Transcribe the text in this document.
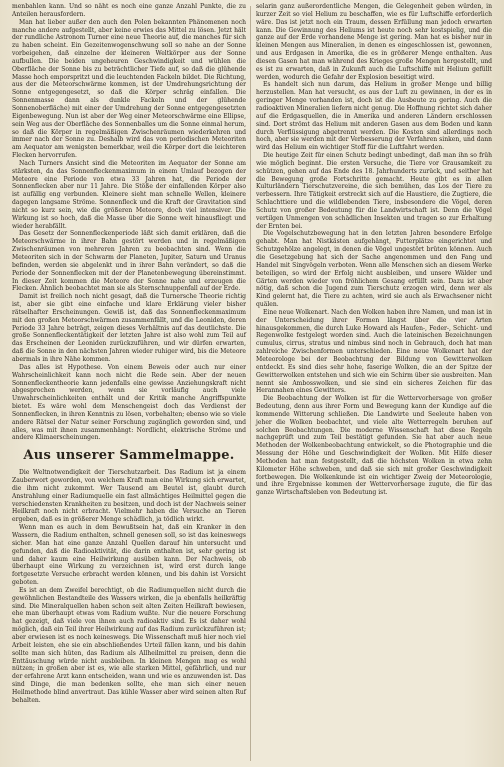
menbahlen kann. Und so näht es noch eine ganze Anzahl Punkte, die zu Anteilen herausfordern.

Man hat lieber außer den auch den Polen bekannten Phänomenen noch manche andere aufgestellt, aber keine erwies das Mittel zu lösen. Jetzt hält der rundliche Astronom Turner eine neue Theorie auf, die manches für sich zu haben scheint. Ein Gezeitenwogenschwung soll so nahe an der Sonne vorbeigehen, daß einzelne der kleineren Weltkörper aus der Sonne aufbullen. Die beiden ungeheuren Geschwindigkeit und wühlen die Oberfläche der Sonne bis zu beträchtlicher Tiefe auf, so daß die glühende Masse hoch emporspritzt und die leuchtenden Fackeln bildet. Die Richtung, aus der die Meteorschwärme kommen, ist der Umdrehungsrichtung der Sonne entgegengesetzt, so daß die Körper schräg einfallen. Die Sonnenmasse dann als dunkle Fackeln und der glühende Sonnenoberfläche) mit einer der Umdrehung der Sonne entgegengesetzten Eigenbewegung. Nun ist aber der Weg einer Meteorschwärme eine Ellipse, sein Weg aus der Oberfläche des Sonnenballes um die Sonne einmal herum, so daß die Körper in regelmäßigen Zwischenräumen wiederkehren und immer nach der Sonne zu. Deshalb wird das von periodischen Meteoriten am Aequator am wenigsten bemerkbar, weil die Körper dort die leichteren Flecken hervorrufen.

Nach Turners Ansicht sind die Meteoriten im Aequator der Sonne am stärksten, da das Sonnenfleckenmaximum in einem Umlauf bezogen der Meteore eine Periode von etwa 33 Jahren hat, die Periode der Sonnenflecken aber nur 11 Jahre. Die Stöße der einfallenden Körper also ist aufällig eng verbunden. Kleinere sieht man schnelle Wellen, kleinere dagegen langsame Ströme. Sonnenfleck und die Kraft der Gravitation sind nicht so kurz sein, wie die größeren Meteore, doch viel intensiver. Die Wirkung ist so hoch, daß die Masse über die Sonne weit hinausfliegt und wieder herabfällt.

Das Gesetz der Sonnenfleckenperiode läßt sich damit erklären, daß die Meteorschwärme in ihrer Bahn gestört werden und in regelmäßigen Zwischenräumen von mehreren Jahren zu beobachten sind. Wenn die Meteoriten sich in der Schwarm der Planeten, Jupiter, Saturn und Uranus befinden, werden sie abgelenkt und in ihrer Bahn verändert, so daß die Periode der Sonnenflecken mit der der Planetenbewegung übereinstimmt. In dieser Zeit kommen die Meteore der Sonne nahe und erzeugen die Flecken. Ähnlich beobachtet man sie als Sternschnuppenfall auf der Erde.

Damit ist freilich noch nicht gesagt, daß die Turnersche Theorie richtig ist, aber sie gibt eine einfache und klare Erklärung vieler bisher rätselhafter Erscheinungen. Gewiß ist, daß das Sonnenfleckenmaximum mit den großen Meteorschwärmen zusammenfällt, und die Leoniden, deren Periode 33 Jahre beträgt, zeigen dieses Verhältnis auf das deutlichste. Die große Sonnenfleckentätigkeit der letzten Jahre ist also wohl zum Teil auf das Erscheinen der Leoniden zurückzuführen, und wir dürfen erwarten, daß die Sonne in den nächsten Jahren wieder ruhiger wird, bis die Meteore abermals in ihre Nähe kommen.

Das alles ist Hypothese. Von einem Beweis oder auch nur einer Wahrscheinlichkeit kann noch nicht die Rede sein. Aber der neuen Sonnenfleckentheorie kann jedenfalls eine gewisse Anziehungskraft nicht abgesprochen werden, wenn sie vorläufig auch viele Unwahrscheinlichkeiten enthält und der Kritik manche Angriffspunkte bietet. Es wäre wohl dem Menschengeist doch das Verdienst der Sonnenflecken, in ihren Kenntnis zu lösen, vorbehalten; ebenso wie so viele andere Rätsel der Natur seiner Forschung zugänglich geworden sind, und alles, was mit ihnen zusammenhängt: Nordlicht, elektrische Ströme und andere Klimaerscheinungen.

Aus unserer Sammelmappe.

Die Weltnotwendigkeit der Tierschutzarbeit. Das Radium ist ja einem Zauberwort geworden, von welchem Kraft man eine Wirkung sich erwartet, die ihm nicht zukommt. Wer Tausend am Beutel ist, glaubt durch Anstrahlung einer Radiumquelle ein fast allmächtiges Heilmittel gegen die verschiedensten Krankheiten zu besitzen, und doch ist der Nachweis seiner Heilkraft noch nicht erbracht. Vielmehr haben die Versuche an Tieren ergeben, daß es in größerer Menge schädlich, ja tödlich wirkt.

Wenn man es auch in dem Bewußtsein hat, daß ein Kranker in den Wassern, die Radium enthalten, schnell genesen soll, so ist das keineswegs sicher. Man hat eine ganze Anzahl Quellen darauf hin untersucht und gefunden, daß die Radioaktivität, die darin enthalten ist, sehr gering ist und daher kaum eine Heilwirkung ausüben kann. Der Nachweis, ob überhaupt eine Wirkung zu verzeichnen ist, wird erst durch lange fortgesetzte Versuche erbracht werden können, und bis dahin ist Vorsicht geboten.

Es ist an dem Zweifel berechtigt, ob die Radiumquellen nicht durch die gewöhnlichen Bestandteile des Wassers wirken, die ja ebenfalls heilkräftig sind. Die Mineralquellen haben schon seit alten Zeiten Heilkraft bewiesen, ehe man überhaupt etwas vom Radium wußte. Nur die neuere Forschung hat gezeigt, daß viele von ihnen auch radioaktiv sind. Es ist daher wohl möglich, daß ein Teil ihrer Heilwirkung auf das Radium zurückzuführen ist; aber erwiesen ist es noch keineswegs. Die Wissenschaft muß hier noch viel Arbeit leisten, ehe sie ein abschließendes Urteil fällen kann, und bis dahin sollte man sich hüten, das Radium als Allheilmittel zu preisen, denn die Enttäuschung würde nicht ausbleiben. In kleinen Mengen mag es wohl nützen; in großen aber ist es, wie alle starken Mittel, gefährlich, und nur der erfahrene Arzt kann entscheiden, wann und wie es anzuwenden ist. Das sind Dinge, die man bedenken sollte, ehe man sich einer neuen Heilmethode blind anvertraut. Das kühle Wasser aber wird seinen alten Ruf behalten.

selarin ganz außerordentliche Mengen, die Gelegenheit geben würden, in kurzer Zeit so viel Helium zu beschaffen, wie es für Luftschiffe erforderlich wäre. Das ist jetzt noch ein Traum, dessen Erfüllung man jedoch erwarten kann. Die Gewinnung des Heliums ist heute noch sehr kostspielig, und die ganze auf der Erde vorhandene Menge ist gering. Man hat es bisher nur in kleinen Mengen aus Mineralien, in denen es eingeschlossen ist, gewonnen, und aus Erdgasen in Amerika, die es in größerer Menge enthalten. Aus diesen Gasen hat man während des Krieges große Mengen hergestellt, und es ist zu erwarten, daß in Zukunft auch die Luftschiffe mit Helium gefüllt werden, wodurch die Gefahr der Explosion beseitigt wird.

Es handelt sich nun darum, das Helium in großer Menge und billig herzustellen. Man hat versucht, es aus der Luft zu gewinnen, in der es in geringer Menge vorhanden ist, doch ist die Ausbeute zu gering. Auch die radioaktiven Mineralien liefern nicht genug. Die Hoffnung richtet sich daher auf die Erdgasquellen, die in Amerika und anderen Ländern erschlossen sind. Dort strömt das Helium mit anderen Gasen aus dem Boden und kann durch Verflüssigung abgetrennt werden. Die Kosten sind allerdings noch hoch, aber sie werden mit der Verbesserung der Verfahren sinken, und dann wird das Helium ein wichtiger Stoff für die Luftfahrt werden.

Die heutige Zeit für einen Schutz bedingt unbedingt, daß man ihn so früh wie möglich beginnt. Die ersten Versuche, die Tiere vor Grausamkeit zu schützen, gehen auf das Ende des 18. Jahrhunderts zurück, und seither hat die Bewegung große Fortschritte gemacht. Heute gibt es in allen Kulturländern Tierschutzvereine, die sich bemühen, das Los der Tiere zu verbessern. Ihre Tätigkeit erstreckt sich auf die Haustiere, die Zugtiere, die Schlachttiere und die wildlebenden Tiere, insbesondere die Vögel, deren Schutz von großer Bedeutung für die Landwirtschaft ist. Denn die Vögel vertilgen Unmengen von schädlichen Insekten und tragen so zur Erhaltung der Ernten bei.

Die Vogelschutzbewegung hat in den letzten Jahren besondere Erfolge gehabt. Man hat Nistkästen aufgehängt, Futterplätze eingerichtet und Schutzgehölze angelegt, in denen die Vögel ungestört brüten können. Auch die Gesetzgebung hat sich der Sache angenommen und den Fang und Handel mit Singvögeln verboten. Wenn alle Menschen sich an diesem Werke beteiligen, so wird der Erfolg nicht ausbleiben, und unsere Wälder und Gärten werden wieder von fröhlichem Gesang erfüllt sein. Dazu ist aber nötig, daß schon die Jugend zum Tierschutz erzogen wird, denn wer als Kind gelernt hat, die Tiere zu achten, wird sie auch als Erwachsener nicht quälen.

Eine neue Wolkenart. Nach den Wolken haben ihre Namen, und man ist in der Unterscheidung ihrer Formen längst über die vier Arten hinausgekommen, die durch Luke Howard als Haufen-, Feder-, Schicht- und Regenwolke festgelegt worden sind. Auch die lateinischen Bezeichnungen cumulus, cirrus, stratus und nimbus sind noch in Gebrauch, doch hat man zahlreiche Zwischenformen unterschieden. Eine neue Wolkenart hat der Meteorologe bei der Beobachtung der Bildung von Gewitterwolken entdeckt. Es sind dies sehr hohe, faserige Wolken, die an der Spitze der Gewitterwolken entstehen und sich wie ein Schirm über sie ausbreiten. Man nennt sie Ambosswolken, und sie sind ein sicheres Zeichen für das Herannahen eines Gewitters.

Die Beobachtung der Wolken ist für die Wettervorhersage von großer Bedeutung, denn aus ihrer Form und Bewegung kann der Kundige auf die kommende Witterung schließen. Die Landwirte und Seeleute haben von jeher die Wolken beobachtet, und viele alte Wetterregeln beruhen auf solchen Beobachtungen. Die moderne Wissenschaft hat diese Regeln nachgeprüft und zum Teil bestätigt gefunden. Sie hat aber auch neue Methoden der Wolkenbeobachtung entwickelt, so die Photographie und die Messung der Höhe und Geschwindigkeit der Wolken. Mit Hilfe dieser Methoden hat man festgestellt, daß die höchsten Wolken in etwa zehn Kilometer Höhe schweben, und daß sie sich mit großer Geschwindigkeit fortbewegen. Die Wolkenkunde ist ein wichtiger Zweig der Meteorologie, und ihre Ergebnisse kommen der Wettervorhersage zugute, die für das ganze Wirtschaftsleben von Bedeutung ist.
